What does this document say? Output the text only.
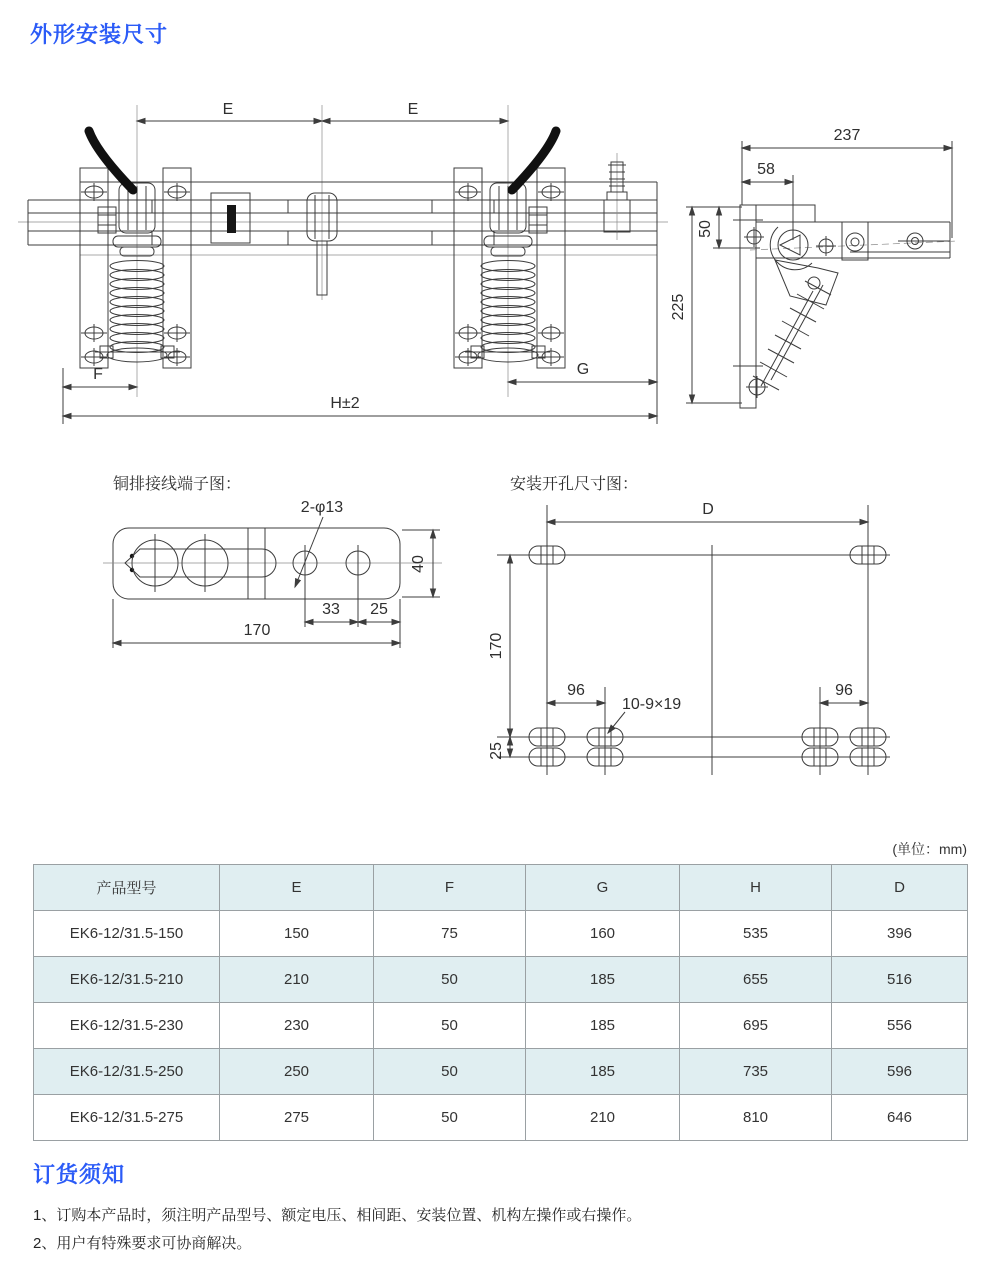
外形安装尺寸
E	E
F	G
H±2
237
58
50
225
铜排接线端子图：
2-φ13
33 25
170
40
安装开孔尺寸图：
D
170
25
96	96
10-9×19
(单位：mm)
产品型号	E	F	G	H	D
EK6-12/31.5-150	150	75	160	535	396
EK6-12/31.5-210	210	50	185	655	516
EK6-12/31.5-230	230	50	185	695	556
EK6-12/31.5-250	250	50	185	735	596
EK6-12/31.5-275	275	50	210	810	646
订货须知

1、订购本产品时，须注明产品型号、额定电压、相间距、安装位置、机构左操作或右操作。

2、用户有特殊要求可协商解决。
